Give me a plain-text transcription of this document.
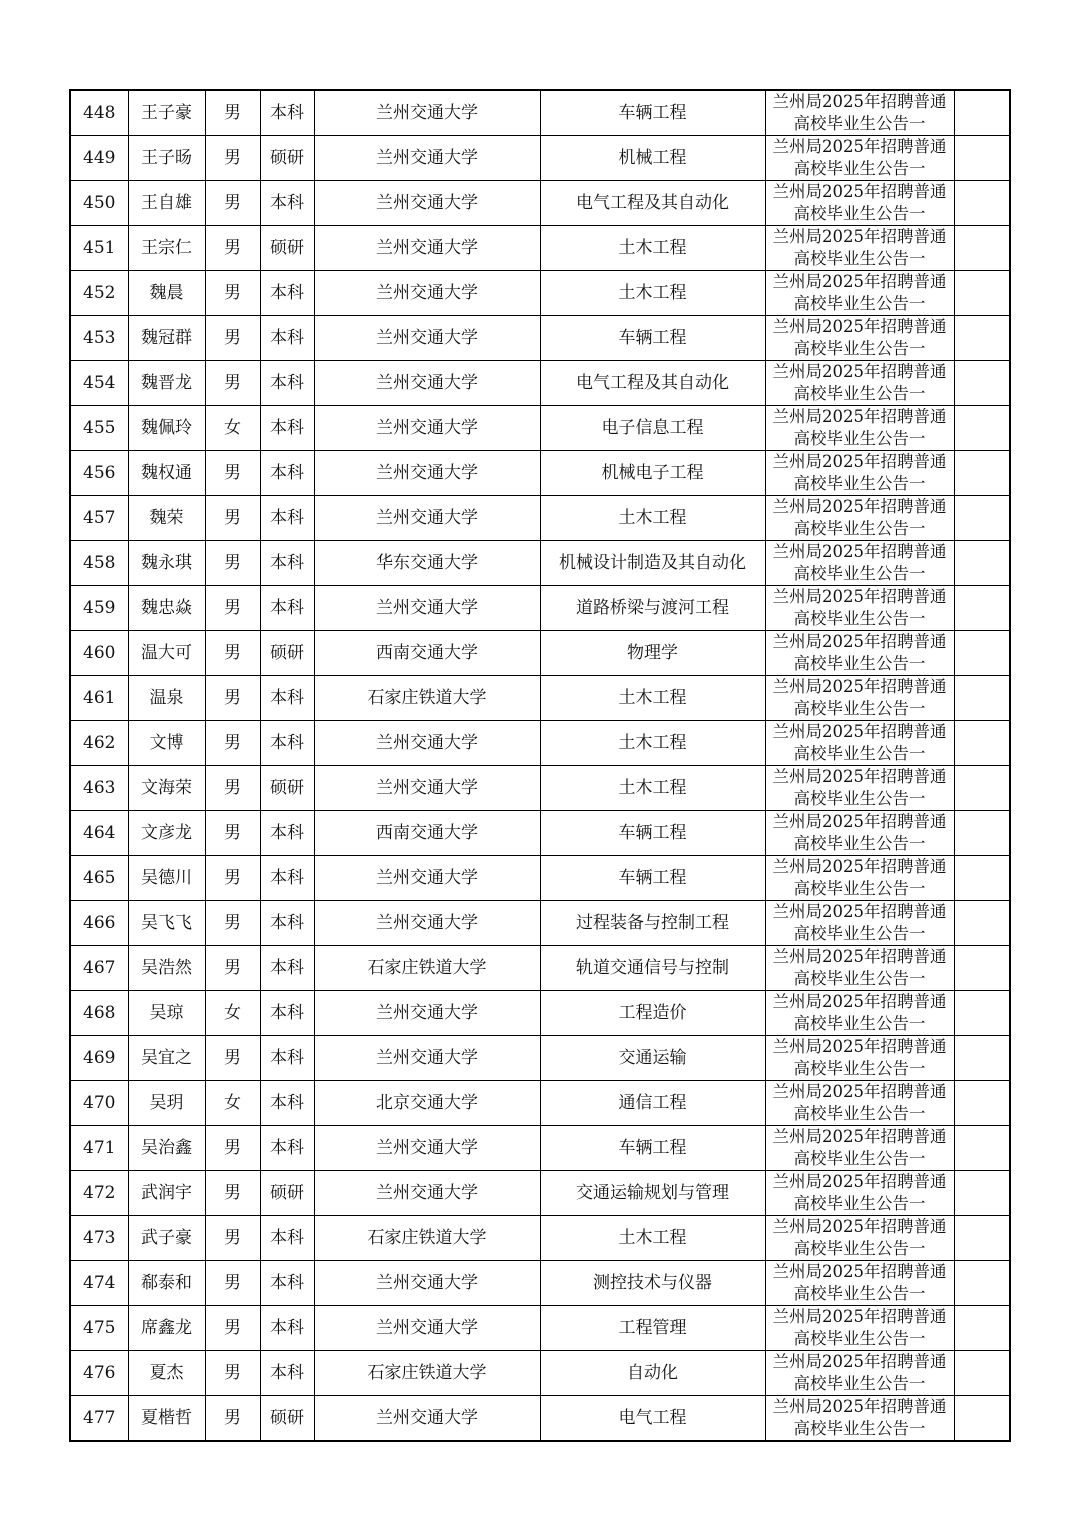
448	王子豪	男	本科	兰州交通大学	车辆工程	兰州局2025年招聘普通
高校毕业生公告一	

449	王子旸	男	硕研	兰州交通大学	机械工程	兰州局2025年招聘普通
高校毕业生公告一	

450	王自雄	男	本科	兰州交通大学	电气工程及其自动化	兰州局2025年招聘普通
高校毕业生公告一	

451	王宗仁	男	硕研	兰州交通大学	土木工程	兰州局2025年招聘普通
高校毕业生公告一	

452	魏晨	男	本科	兰州交通大学	土木工程	兰州局2025年招聘普通
高校毕业生公告一	

453	魏冠群	男	本科	兰州交通大学	车辆工程	兰州局2025年招聘普通
高校毕业生公告一	

454	魏晋龙	男	本科	兰州交通大学	电气工程及其自动化	兰州局2025年招聘普通
高校毕业生公告一	

455	魏佩玲	女	本科	兰州交通大学	电子信息工程	兰州局2025年招聘普通
高校毕业生公告一	

456	魏权通	男	本科	兰州交通大学	机械电子工程	兰州局2025年招聘普通
高校毕业生公告一	

457	魏荣	男	本科	兰州交通大学	土木工程	兰州局2025年招聘普通
高校毕业生公告一	

458	魏永琪	男	本科	华东交通大学	机械设计制造及其自动化	兰州局2025年招聘普通
高校毕业生公告一	

459	魏忠焱	男	本科	兰州交通大学	道路桥梁与渡河工程	兰州局2025年招聘普通
高校毕业生公告一	

460	温大可	男	硕研	西南交通大学	物理学	兰州局2025年招聘普通
高校毕业生公告一	

461	温泉	男	本科	石家庄铁道大学	土木工程	兰州局2025年招聘普通
高校毕业生公告一	

462	文博	男	本科	兰州交通大学	土木工程	兰州局2025年招聘普通
高校毕业生公告一	

463	文海荣	男	硕研	兰州交通大学	土木工程	兰州局2025年招聘普通
高校毕业生公告一	

464	文彦龙	男	本科	西南交通大学	车辆工程	兰州局2025年招聘普通
高校毕业生公告一	

465	吴德川	男	本科	兰州交通大学	车辆工程	兰州局2025年招聘普通
高校毕业生公告一	

466	吴飞飞	男	本科	兰州交通大学	过程装备与控制工程	兰州局2025年招聘普通
高校毕业生公告一	

467	吴浩然	男	本科	石家庄铁道大学	轨道交通信号与控制	兰州局2025年招聘普通
高校毕业生公告一	

468	吴琼	女	本科	兰州交通大学	工程造价	兰州局2025年招聘普通
高校毕业生公告一	

469	吴宜之	男	本科	兰州交通大学	交通运输	兰州局2025年招聘普通
高校毕业生公告一	

470	吴玥	女	本科	北京交通大学	通信工程	兰州局2025年招聘普通
高校毕业生公告一	

471	吴治鑫	男	本科	兰州交通大学	车辆工程	兰州局2025年招聘普通
高校毕业生公告一	

472	武润宇	男	硕研	兰州交通大学	交通运输规划与管理	兰州局2025年招聘普通
高校毕业生公告一	

473	武子豪	男	本科	石家庄铁道大学	土木工程	兰州局2025年招聘普通
高校毕业生公告一	

474	郗泰和	男	本科	兰州交通大学	测控技术与仪器	兰州局2025年招聘普通
高校毕业生公告一	

475	席鑫龙	男	本科	兰州交通大学	工程管理	兰州局2025年招聘普通
高校毕业生公告一	

476	夏杰	男	本科	石家庄铁道大学	自动化	兰州局2025年招聘普通
高校毕业生公告一	

477	夏楷哲	男	硕研	兰州交通大学	电气工程	兰州局2025年招聘普通
高校毕业生公告一	
